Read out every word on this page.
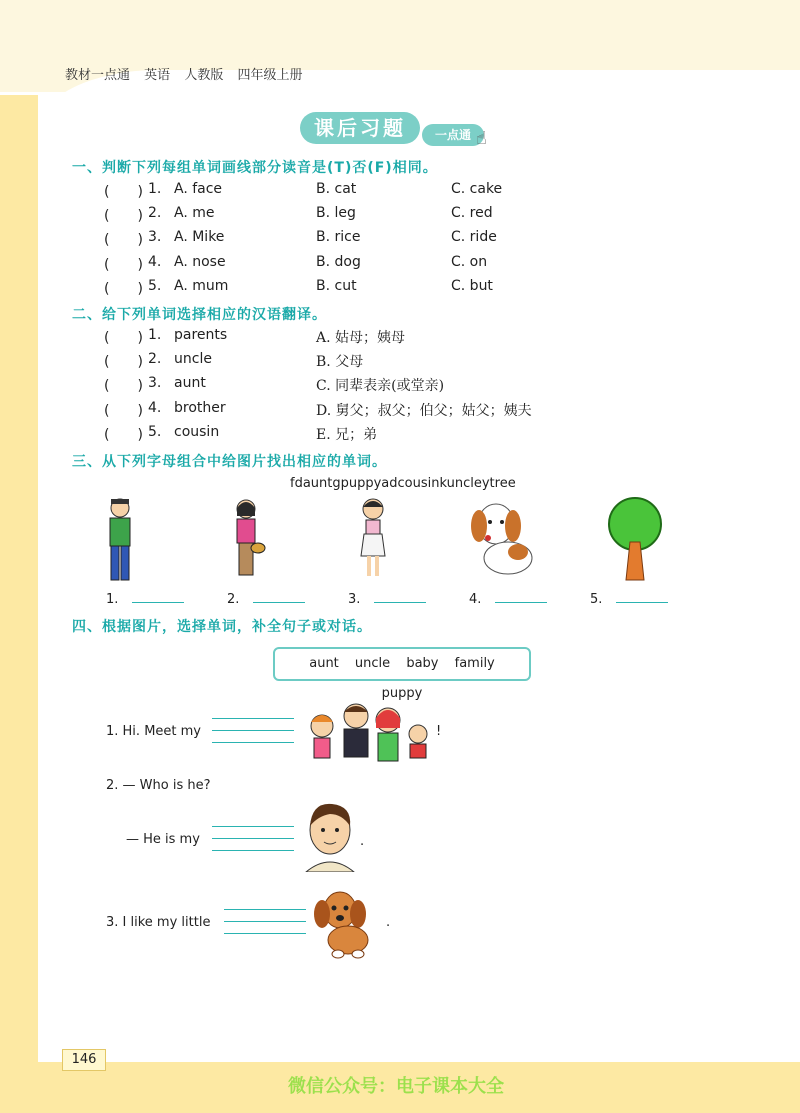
教材一点通 英语 人教版 四年级上册
课后习题	一点通 ☝
一、判断下列每组单词画线部分读音是(T)否(F)相同。
(　　) 1. A. face	B. cat	C. cake
(　　) 2. A. me	B. leg	C. red
(　　) 3. A. Mike	B. rice	C. ride
(　　) 4. A. nose	B. dog	C. on
(　　) 5. A. mum	B. cut	C. but
二、给下列单词选择相应的汉语翻译。
(　　) 1. parents	A. 姑母；姨母
(　　) 2. uncle	B. 父母
(　　) 3. aunt	C. 同辈表亲(或堂亲)
(　　) 4. brother	D. 舅父；叔父；伯父；姑父；姨夫
(　　) 5. cousin	E. 兄；弟
三、从下列字母组合中给图片找出相应的单词。
fdauntgpuppyadcousinkuncleytree
1.	2.	3.	4.	5.
四、根据图片，选择单词，补全句子或对话。
aunt uncle baby family puppy
1. Hi. Meet my	!
2. — Who is he?
— He is my	.
3. I like my little	.
146
微信公众号：电子课本大全
